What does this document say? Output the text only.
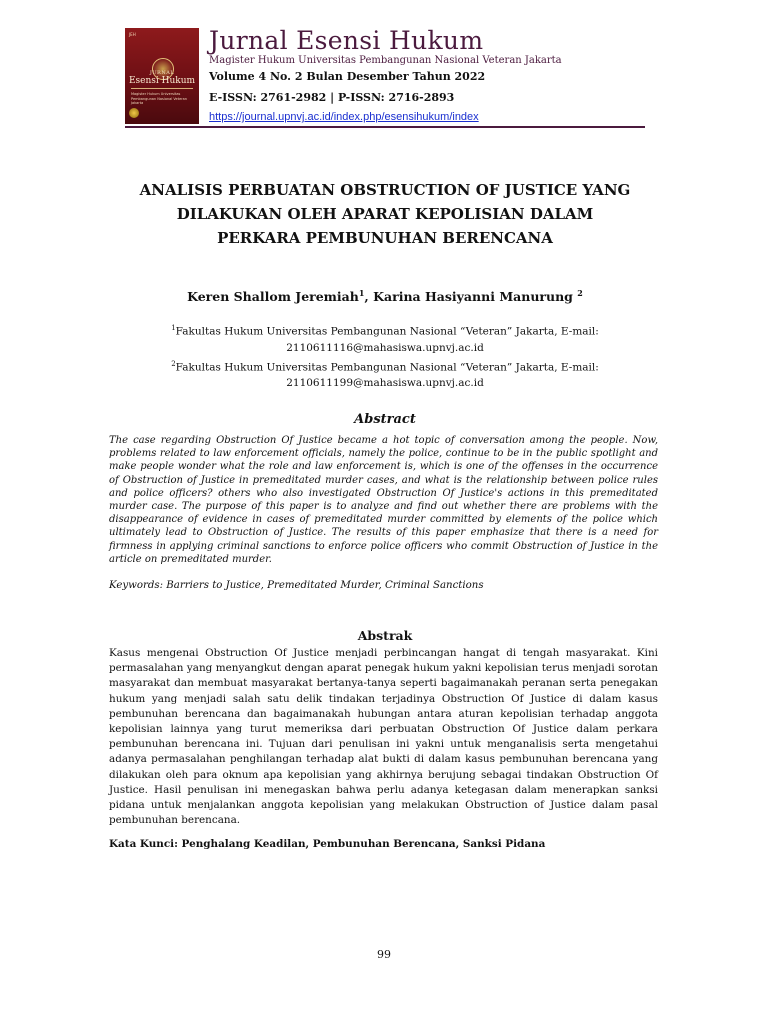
JEH
JURNAL
Esensi Hukum
Magister Hukum Universitas Pembangunan Nasional Veteran Jakarta
Jurnal Esensi Hukum
Magister Hukum Universitas Pembangunan Nasional Veteran Jakarta
Volume 4 No. 2 Bulan Desember Tahun 2022
E-ISSN: 2761-2982 | P-ISSN: 2716-2893
https://journal.upnvj.ac.id/index.php/esensihukum/index
ANALISIS PERBUATAN OBSTRUCTION OF JUSTICE YANG
DILAKUKAN OLEH APARAT KEPOLISIAN DALAM
PERKARA PEMBUNUHAN BERENCANA
Keren Shallom Jeremiah$^1$, Karina Hasiyanni Manurung $^2$
$^1$Fakultas Hukum Universitas Pembangunan Nasional “Veteran” Jakarta, E-mail:
2110611116@mahasiswa.upnvj.ac.id
$^2$Fakultas Hukum Universitas Pembangunan Nasional “Veteran” Jakarta, E-mail:
2110611199@mahasiswa.upnvj.ac.id
Abstract
The case regarding Obstruction Of Justice became a hot topic of conversation among the people. Now, problems related to law enforcement officials, namely the police, continue to be in the public spotlight and make people wonder what the role and law enforcement is, which is one of the offenses in the occurrence of Obstruction of Justice in premeditated murder cases, and what is the relationship between police rules and police officers? others who also investigated Obstruction Of Justice's actions in this premeditated murder case. The purpose of this paper is to analyze and find out whether there are problems with the disappearance of evidence in cases of premeditated murder committed by elements of the police which ultimately lead to Obstruction of Justice. The results of this paper emphasize that there is a need for firmness in applying criminal sanctions to enforce police officers who commit Obstruction of Justice in the article on premeditated murder.
Keywords: Barriers to Justice, Premeditated Murder, Criminal Sanctions
Abstrak
Kasus mengenai Obstruction Of Justice menjadi perbincangan hangat di tengah masyarakat. Kini permasalahan yang menyangkut dengan aparat penegak hukum yakni kepolisian terus menjadi sorotan masyarakat dan membuat masyarakat bertanya-tanya seperti bagaimanakah peranan serta penegakan hukum yang menjadi salah satu delik tindakan terjadinya Obstruction Of Justice di dalam kasus pembunuhan berencana dan bagaimanakah hubungan antara aturan kepolisian terhadap anggota kepolisian lainnya yang turut memeriksa dari perbuatan Obstruction Of Justice dalam perkara pembunuhan berencana ini. Tujuan dari penulisan ini yakni untuk menganalisis serta mengetahui adanya permasalahan penghilangan terhadap alat bukti di dalam kasus pembunuhan berencana yang dilakukan oleh para oknum apa kepolisian yang akhirnya berujung sebagai tindakan Obstruction Of Justice. Hasil penulisan ini menegaskan bahwa perlu adanya ketegasan dalam menerapkan sanksi pidana untuk menjalankan anggota kepolisian yang melakukan Obstruction of Justice dalam pasal pembunuhan berencana.
Kata Kunci: Penghalang Keadilan, Pembunuhan Berencana, Sanksi Pidana
99
